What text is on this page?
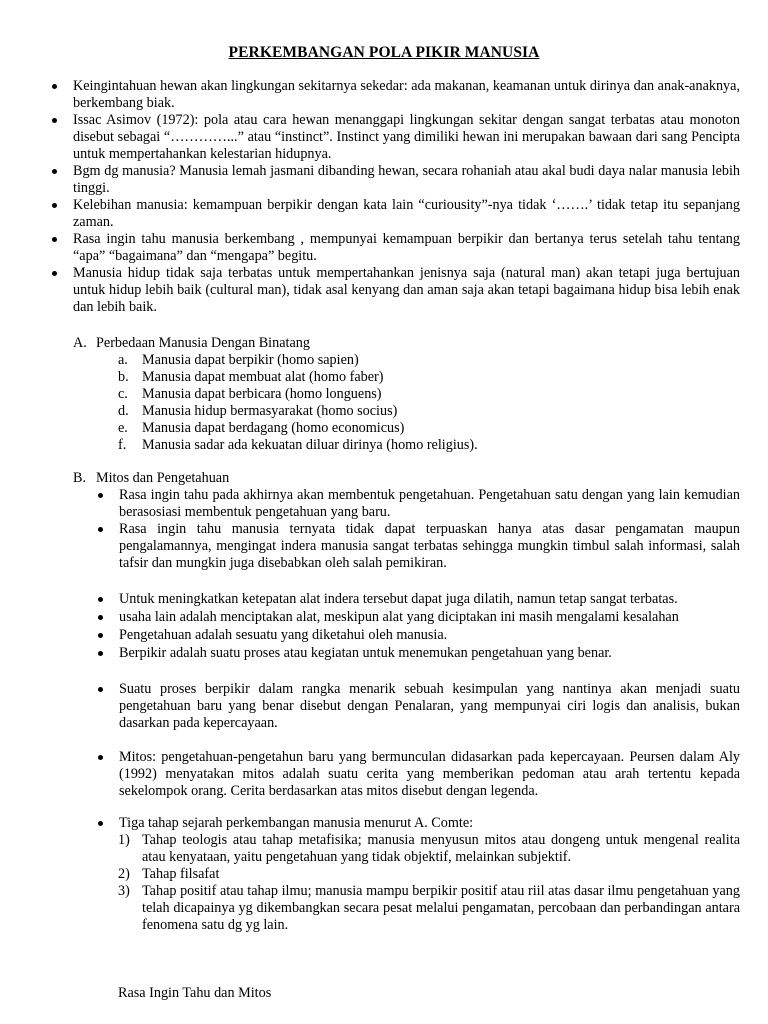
PERKEMBANGAN POLA PIKIR MANUSIA
Keingintahuan hewan akan lingkungan sekitarnya sekedar: ada makanan, keamanan untuk dirinya dan anak-anaknya, berkembang biak.
Issac Asimov (1972): pola atau cara hewan menanggapi lingkungan sekitar dengan sangat terbatas atau monoton disebut sebagai “…………...” atau “instinct”. Instinct yang dimiliki hewan ini merupakan bawaan dari sang Pencipta untuk mempertahankan kelestarian hidupnya.
Bgm dg manusia? Manusia lemah jasmani dibanding hewan, secara rohaniah atau akal budi daya nalar manusia lebih tinggi.
Kelebihan manusia: kemampuan berpikir dengan kata lain “curiousity”-nya tidak ‘…….’ tidak tetap itu sepanjang zaman.
Rasa ingin tahu manusia berkembang , mempunyai kemampuan berpikir dan bertanya terus setelah tahu tentang “apa” “bagaimana” dan “mengapa” begitu.
Manusia hidup tidak saja terbatas untuk mempertahankan jenisnya saja (natural man) akan tetapi juga bertujuan untuk hidup lebih baik (cultural man), tidak asal kenyang dan aman saja akan tetapi bagaimana hidup bisa lebih enak dan lebih baik.
A. Perbedaan Manusia Dengan Binatang
a. Manusia dapat berpikir (homo sapien)
b. Manusia dapat membuat alat (homo faber)
c. Manusia dapat berbicara (homo longuens)
d. Manusia hidup bermasyarakat (homo socius)
e. Manusia dapat berdagang (homo economicus)
f. Manusia sadar ada kekuatan diluar dirinya (homo religius).
B. Mitos dan Pengetahuan
Rasa ingin tahu pada akhirnya akan membentuk pengetahuan. Pengetahuan satu dengan yang lain kemudian berasosiasi membentuk pengetahuan yang baru.
Rasa ingin tahu manusia ternyata tidak dapat terpuaskan hanya atas dasar pengamatan maupun pengalamannya, mengingat indera manusia sangat terbatas sehingga mungkin timbul salah informasi, salah tafsir dan mungkin juga disebabkan oleh salah pemikiran.
Untuk meningkatkan ketepatan alat indera tersebut dapat juga dilatih, namun tetap sangat terbatas.
usaha lain adalah menciptakan alat, meskipun alat yang diciptakan ini masih mengalami kesalahan
Pengetahuan adalah sesuatu yang diketahui oleh manusia.
Berpikir adalah suatu proses atau kegiatan untuk menemukan pengetahuan yang benar.
Suatu proses berpikir dalam rangka menarik sebuah kesimpulan yang nantinya akan menjadi suatu pengetahuan baru yang benar disebut dengan Penalaran, yang mempunyai ciri logis dan analisis, bukan dasarkan pada kepercayaan.
Mitos: pengetahuan-pengetahun baru yang bermunculan didasarkan pada kepercayaan. Peursen dalam Aly (1992) menyatakan mitos adalah suatu cerita yang memberikan pedoman atau arah tertentu kepada sekelompok orang. Cerita berdasarkan atas mitos disebut dengan legenda.
Tiga tahap sejarah perkembangan manusia menurut A. Comte:
1) Tahap teologis atau tahap metafisika; manusia menyusun mitos atau dongeng untuk mengenal realita atau kenyataan, yaitu pengetahuan yang tidak objektif, melainkan subjektif.
2) Tahap filsafat
3) Tahap positif atau tahap ilmu; manusia mampu berpikir positif atau riil atas dasar ilmu pengetahuan yang telah dicapainya yg dikembangkan secara pesat melalui pengamatan, percobaan dan perbandingan antara fenomena satu dg yg lain.
Rasa Ingin Tahu dan Mitos
